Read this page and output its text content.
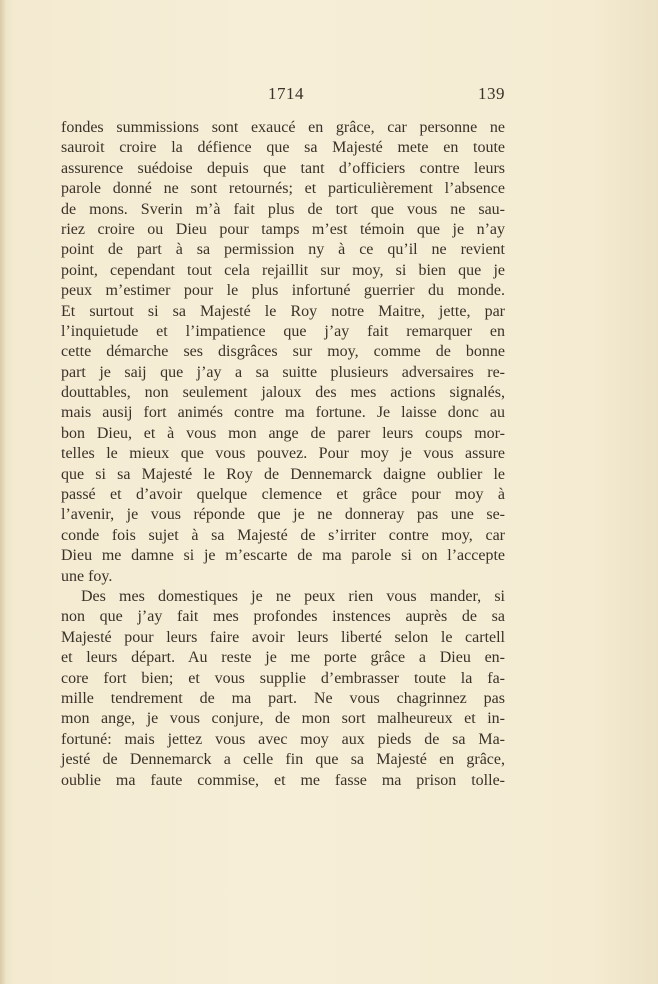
1714	139
fondes summissions sont exaucé en grâce, car personne ne
sauroit croire la défience que sa Majesté mete en toute
assurence suédoise depuis que tant d’officiers contre leurs
parole donné ne sont retournés; et particulièrement l’absence
de mons. Sverin m’à fait plus de tort que vous ne sau-
riez croire ou Dieu pour tamps m’est témoin que je n’ay
point de part à sa permission ny à ce qu’il ne revient
point, cependant tout cela rejaillit sur moy, si bien que je
peux m’estimer pour le plus infortuné guerrier du monde.
Et surtout si sa Majesté le Roy notre Maitre, jette, par
l’inquietude et l’impatience que j’ay fait remarquer en
cette démarche ses disgrâces sur moy, comme de bonne
part je saij que j’ay a sa suitte plusieurs adversaires re-
douttables, non seulement jaloux des mes actions signalés,
mais ausij fort animés contre ma fortune. Je laisse donc au
bon Dieu, et à vous mon ange de parer leurs coups mor-
telles le mieux que vous pouvez. Pour moy je vous assure
que si sa Majesté le Roy de Dennemarck daigne oublier le
passé et d’avoir quelque clemence et grâce pour moy à
l’avenir, je vous réponde que je ne donneray pas une se-
conde fois sujet à sa Majesté de s’irriter contre moy, car
Dieu me damne si je m’escarte de ma parole si on l’accepte
une foy.
Des mes domestiques je ne peux rien vous mander, si
non que j’ay fait mes profondes instences auprès de sa
Majesté pour leurs faire avoir leurs liberté selon le cartell
et leurs départ. Au reste je me porte grâce a Dieu en-
core fort bien; et vous supplie d’embrasser toute la fa-
mille tendrement de ma part. Ne vous chagrinnez pas
mon ange, je vous conjure, de mon sort malheureux et in-
fortuné: mais jettez vous avec moy aux pieds de sa Ma-
jesté de Dennemarck a celle fin que sa Majesté en grâce,
oublie ma faute commise, et me fasse ma prison tolle-
